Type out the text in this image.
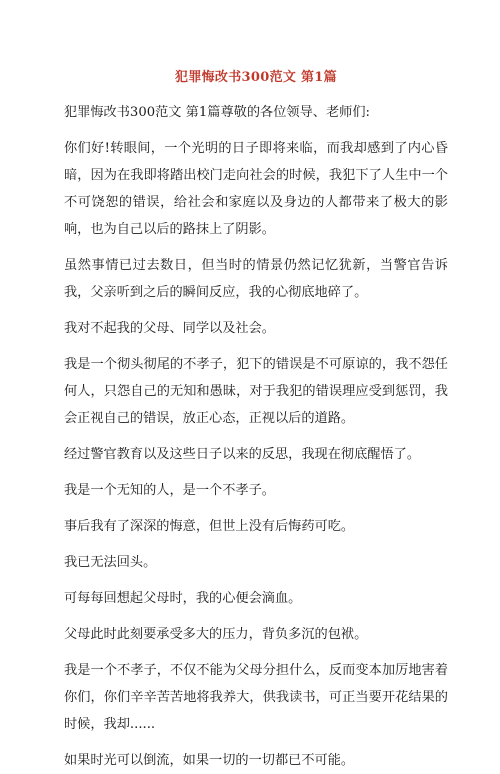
犯罪悔改书300范文 第1篇

犯罪悔改书300范文 第1篇尊敬的各位领导、老师们:

你们好!转眼间，一个光明的日子即将来临，而我却感到了内心昏暗，因为在我即将踏出校门走向社会的时候，我犯下了人生中一个不可饶恕的错误，给社会和家庭以及身边的人都带来了极大的影响，也为自己以后的路抹上了阴影。

虽然事情已过去数日，但当时的情景仍然记忆犹新，当警官告诉我，父亲听到之后的瞬间反应，我的心彻底地碎了。

我对不起我的父母、同学以及社会。

我是一个彻头彻尾的不孝子，犯下的错误是不可原谅的，我不怨任何人，只怨自己的无知和愚昧，对于我犯的错误理应受到惩罚，我会正视自己的错误，放正心态，正视以后的道路。

经过警官教育以及这些日子以来的反思，我现在彻底醒悟了。

我是一个无知的人，是一个不孝子。

事后我有了深深的悔意，但世上没有后悔药可吃。

我已无法回头。

可每每回想起父母时，我的心便会滴血。

父母此时此刻要承受多大的压力，背负多沉的包袱。

我是一个不孝子，不仅不能为父母分担什么，反而变本加厉地害着你们，你们辛辛苦苦地将我养大，供我读书，可正当要开花结果的时候，我却......

如果时光可以倒流，如果一切的一切都已不可能。
